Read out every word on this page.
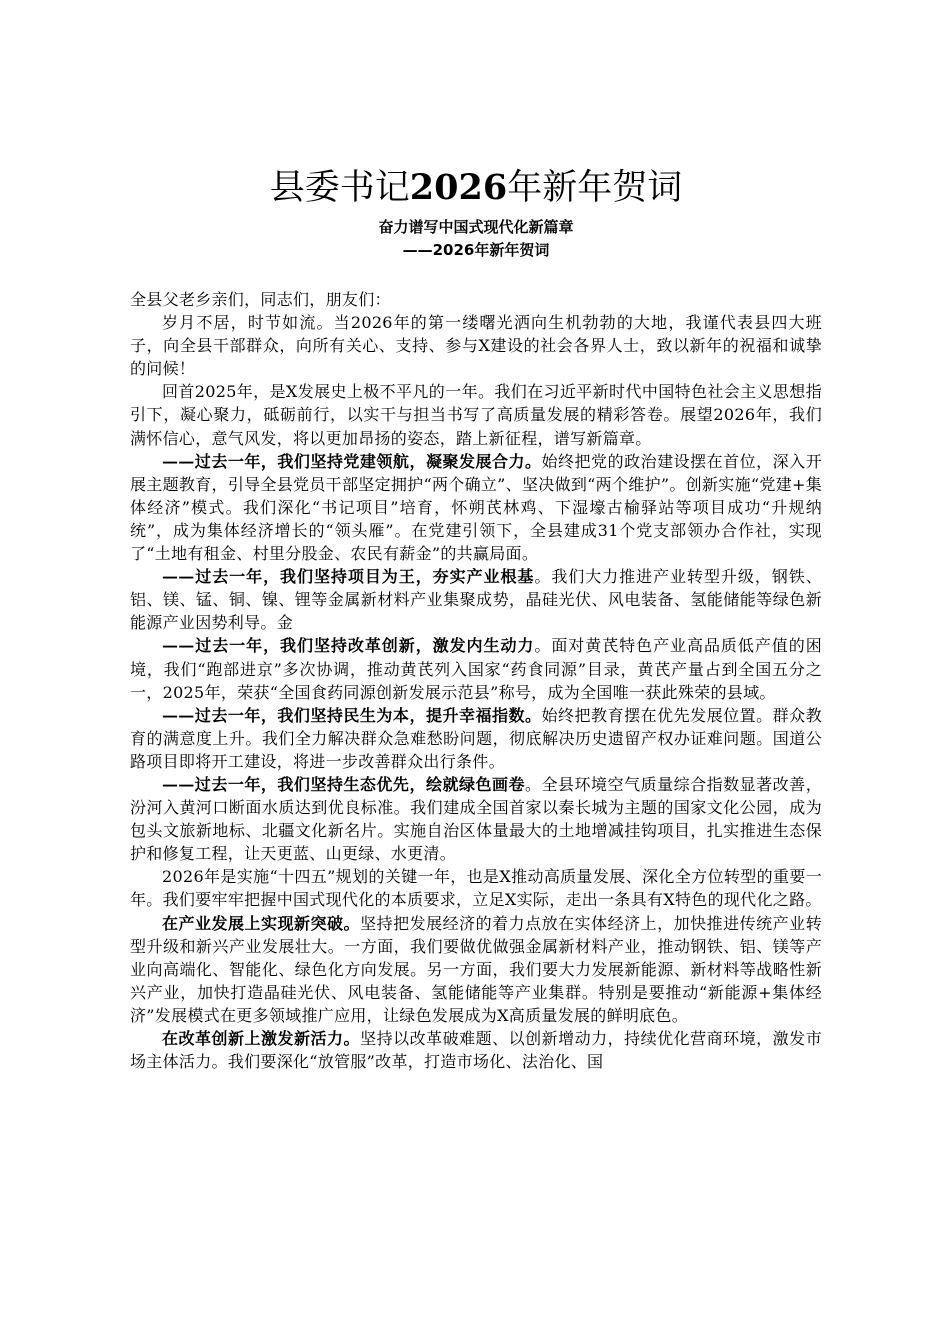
县委书记2026年新年贺词

奋力谱写中国式现代化新篇章

——2026年新年贺词

全县父老乡亲们，同志们，朋友们：

岁月不居，时节如流。当2026年的第一缕曙光洒向生机勃勃的大地，我谨代表县四大班子，向全县干部群众，向所有关心、支持、参与X建设的社会各界人士，致以新年的祝福和诚挚的问候！

回首2025年，是X发展史上极不平凡的一年。我们在习近平新时代中国特色社会主义思想指引下，凝心聚力，砥砺前行，以实干与担当书写了高质量发展的精彩答卷。展望2026年，我们满怀信心，意气风发，将以更加昂扬的姿态，踏上新征程，谱写新篇章。

——过去一年，我们坚持党建领航，凝聚发展合力。始终把党的政治建设摆在首位，深入开展主题教育，引导全县党员干部坚定拥护“两个确立”、坚决做到“两个维护”。创新实施“党建+集体经济”模式。我们深化“书记项目”培育，怀朔芪林鸡、下湿壕古榆驿站等项目成功“升规纳统”，成为集体经济增长的“领头雁”。在党建引领下，全县建成31个党支部领办合作社，实现了“土地有租金、村里分股金、农民有薪金”的共赢局面。

——过去一年，我们坚持项目为王，夯实产业根基。我们大力推进产业转型升级，钢铁、铝、镁、锰、铜、镍、锂等金属新材料产业集聚成势，晶硅光伏、风电装备、氢能储能等绿色新能源产业因势利导。金

——过去一年，我们坚持改革创新，激发内生动力。面对黄芪特色产业高品质低产值的困境，我们“跑部进京”多次协调，推动黄芪列入国家“药食同源”目录，黄芪产量占到全国五分之一，2025年，荣获“全国食药同源创新发展示范县”称号，成为全国唯一获此殊荣的县域。

——过去一年，我们坚持民生为本，提升幸福指数。始终把教育摆在优先发展位置。群众教育的满意度上升。我们全力解决群众急难愁盼问题，彻底解决历史遗留产权办证难问题。国道公路项目即将开工建设，将进一步改善群众出行条件。

——过去一年，我们坚持生态优先，绘就绿色画卷。全县环境空气质量综合指数显著改善，汾河入黄河口断面水质达到优良标准。我们建成全国首家以秦长城为主题的国家文化公园，成为包头文旅新地标、北疆文化新名片。实施自治区体量最大的土地增减挂钩项目，扎实推进生态保护和修复工程，让天更蓝、山更绿、水更清。

2026年是实施“十四五”规划的关键一年，也是X推动高质量发展、深化全方位转型的重要一年。我们要牢牢把握中国式现代化的本质要求，立足X实际，走出一条具有X特色的现代化之路。

在产业发展上实现新突破。坚持把发展经济的着力点放在实体经济上，加快推进传统产业转型升级和新兴产业发展壮大。一方面，我们要做优做强金属新材料产业，推动钢铁、铝、镁等产业向高端化、智能化、绿色化方向发展。另一方面，我们要大力发展新能源、新材料等战略性新兴产业，加快打造晶硅光伏、风电装备、氢能储能等产业集群。特别是要推动“新能源+集体经济”发展模式在更多领域推广应用，让绿色发展成为X高质量发展的鲜明底色。

在改革创新上激发新活力。坚持以改革破难题、以创新增动力，持续优化营商环境，激发市场主体活力。我们要深化“放管服”改革，打造市场化、法治化、国
